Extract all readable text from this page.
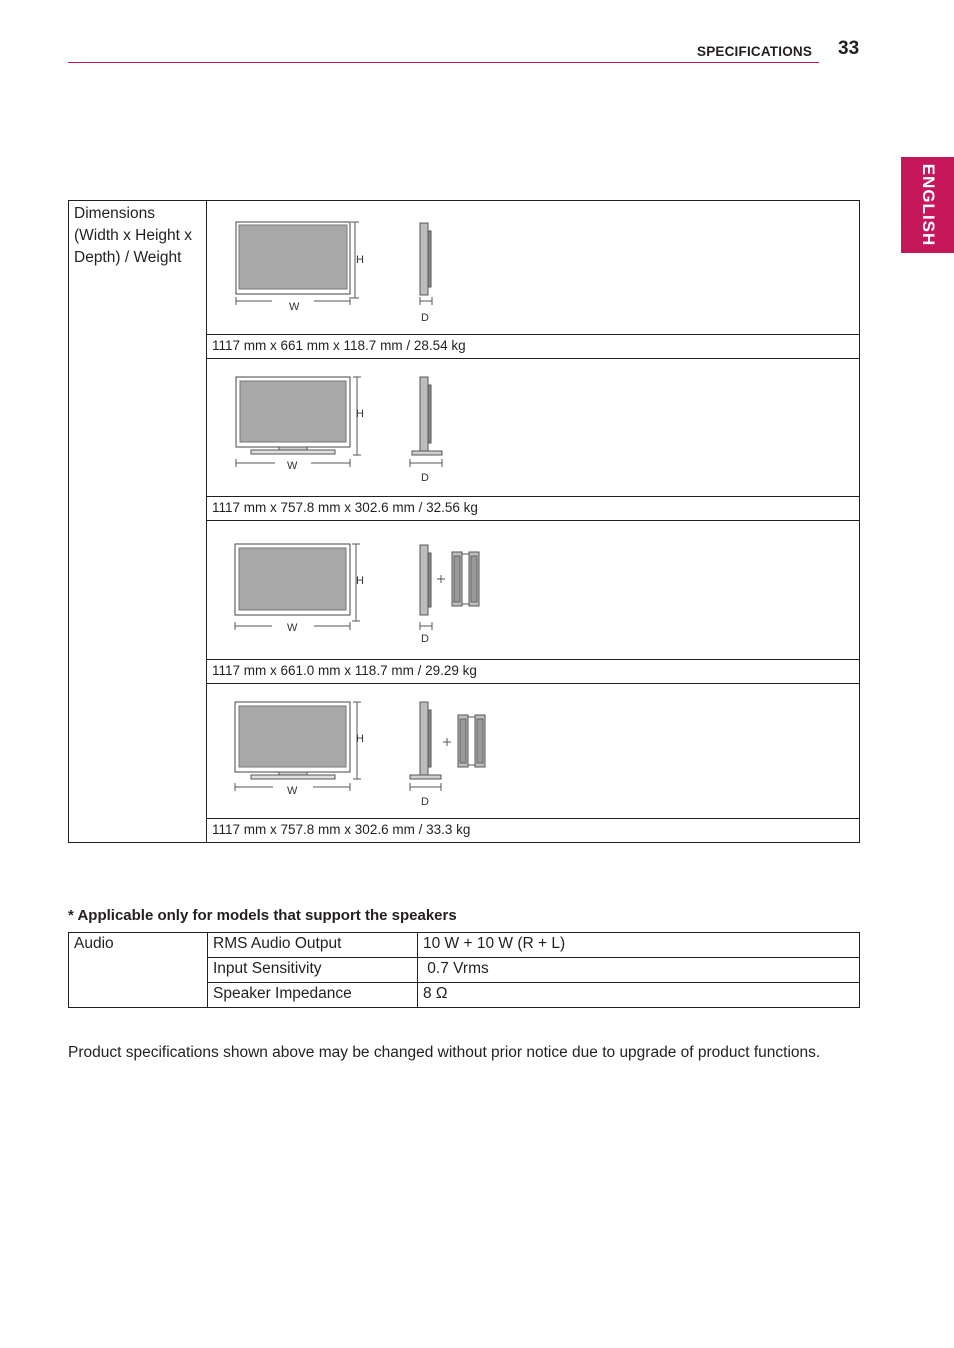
SPECIFICATIONS 33
ENGLISH
Dimensions (Width x Height x Depth) / Weight	H
W
D

1117 mm x 661 mm x 118.7 mm / 28.54 kg

H
W
D

1117 mm x 757.8 mm x 302.6 mm / 32.56 kg

H
W
D

1117 mm x 661.0 mm x 118.7 mm / 29.29 kg

H
W
D

1117 mm x 757.8 mm x 302.6 mm / 33.3 kg
* Applicable only for models that support the speakers
Audio	RMS Audio Output	10 W + 10 W (R + L)
	Input Sensitivity	0.7 Vrms
	Speaker Impedance	8 Ω
Product specifications shown above may be changed without prior notice due to upgrade of product functions.
